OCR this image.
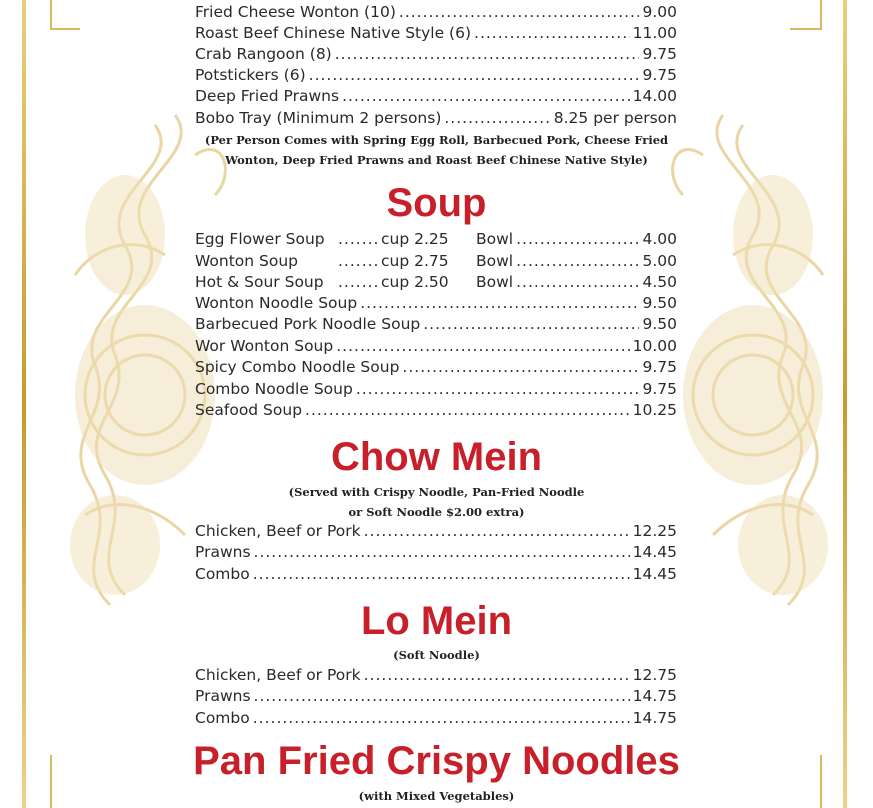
Fried Cheese Wonton (10) .....	9.00
Roast Beef Chinese Native Style (6) .....	11.00
Crab Rangoon (8) .....	9.75
Potstickers (6) .....	9.75
Deep Fried Prawns .....	14.00
Bobo Tray (Minimum 2 persons) .....	8.25 per person
Egg Flower Soup .....	cup 2.25	Bowl .....	4.00
Wonton Soup .....	cup 2.75	Bowl .....	5.00
Hot & Sour Soup .....	cup 2.50	Bowl .....	4.50
Wonton Noodle Soup .....	9.50
Barbecued Pork Noodle Soup .....	9.50
Wor Wonton Soup .....	10.00
Spicy Combo Noodle Soup .....	9.75
Combo Noodle Soup .....	9.75
Seafood Soup .....	10.25
Chicken, Beef or Pork .....	12.25
Prawns .....	14.45
Combo .....	14.45
Chicken, Beef or Pork .....	12.75
Prawns .....	14.75
Combo .....	14.75
(Per Person Comes with Spring Egg Roll, Barbecued Pork, Cheese Fried
Wonton, Deep Fried Prawns and Roast Beef Chinese Native Style)
Soup
Chow Mein
(Served with Crispy Noodle, Pan-Fried Noodle
or Soft Noodle $2.00 extra)
Lo Mein
(Soft Noodle)
Pan Fried Crispy Noodles
(with Mixed Vegetables)
